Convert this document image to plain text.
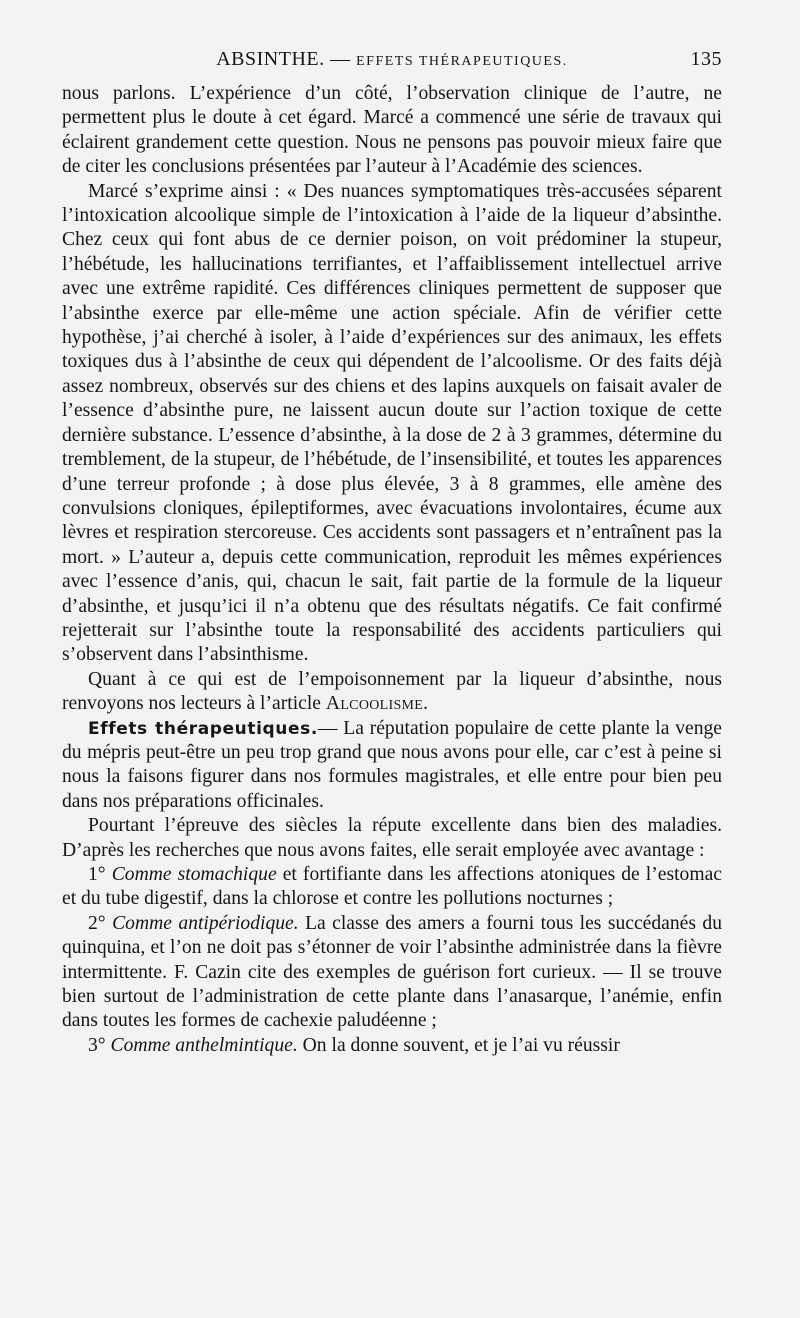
ABSINTHE. — EFFETS THÉRAPEUTIQUES.	135

nous parlons. L’expérience d’un côté, l’observation clinique de l’autre, ne permettent plus le doute à cet égard. Marcé a commencé une série de travaux qui éclairent grandement cette question. Nous ne pensons pas pouvoir mieux faire que de citer les conclusions présentées par l’auteur à l’Académie des sciences.

Marcé s’exprime ainsi : « Des nuances symptomatiques très-accusées séparent l’intoxication alcoolique simple de l’intoxication à l’aide de la liqueur d’absinthe. Chez ceux qui font abus de ce dernier poison, on voit prédominer la stupeur, l’hébétude, les hallucinations terrifiantes, et l’affaiblissement intellectuel arrive avec une extrême rapidité. Ces différences cliniques permettent de supposer que l’absinthe exerce par elle-même une action spéciale. Afin de vérifier cette hypothèse, j’ai cherché à isoler, à l’aide d’expériences sur des animaux, les effets toxiques dus à l’absinthe de ceux qui dépendent de l’alcoolisme. Or des faits déjà assez nombreux, observés sur des chiens et des lapins auxquels on faisait avaler de l’essence d’absinthe pure, ne laissent aucun doute sur l’action toxique de cette dernière substance. L’essence d’absinthe, à la dose de 2 à 3 grammes, détermine du tremblement, de la stupeur, de l’hébétude, de l’insensibilité, et toutes les apparences d’une terreur profonde ; à dose plus élevée, 3 à 8 grammes, elle amène des convulsions cloniques, épileptiformes, avec évacuations involontaires, écume aux lèvres et respiration stercoreuse. Ces accidents sont passagers et n’entraînent pas la mort. » L’auteur a, depuis cette communication, reproduit les mêmes expériences avec l’essence d’anis, qui, chacun le sait, fait partie de la formule de la liqueur d’absinthe, et jusqu’ici il n’a obtenu que des résultats négatifs. Ce fait confirmé rejetterait sur l’absinthe toute la responsabilité des accidents particuliers qui s’observent dans l’absinthisme.

Quant à ce qui est de l’empoisonnement par la liqueur d’absinthe, nous renvoyons nos lecteurs à l’article Alcoolisme.

Effets thérapeutiques.— La réputation populaire de cette plante la venge du mépris peut-être un peu trop grand que nous avons pour elle, car c’est à peine si nous la faisons figurer dans nos formules magistrales, et elle entre pour bien peu dans nos préparations officinales.

Pourtant l’épreuve des siècles la répute excellente dans bien des maladies. D’après les recherches que nous avons faites, elle serait employée avec avantage :

1° Comme stomachique et fortifiante dans les affections atoniques de l’estomac et du tube digestif, dans la chlorose et contre les pollutions nocturnes ;

2° Comme antipériodique. La classe des amers a fourni tous les succédanés du quinquina, et l’on ne doit pas s’étonner de voir l’absinthe administrée dans la fièvre intermittente. F. Cazin cite des exemples de guérison fort curieux. — Il se trouve bien surtout de l’administration de cette plante dans l’anasarque, l’anémie, enfin dans toutes les formes de cachexie paludéenne ;

3° Comme anthelmintique. On la donne souvent, et je l’ai vu réussir
